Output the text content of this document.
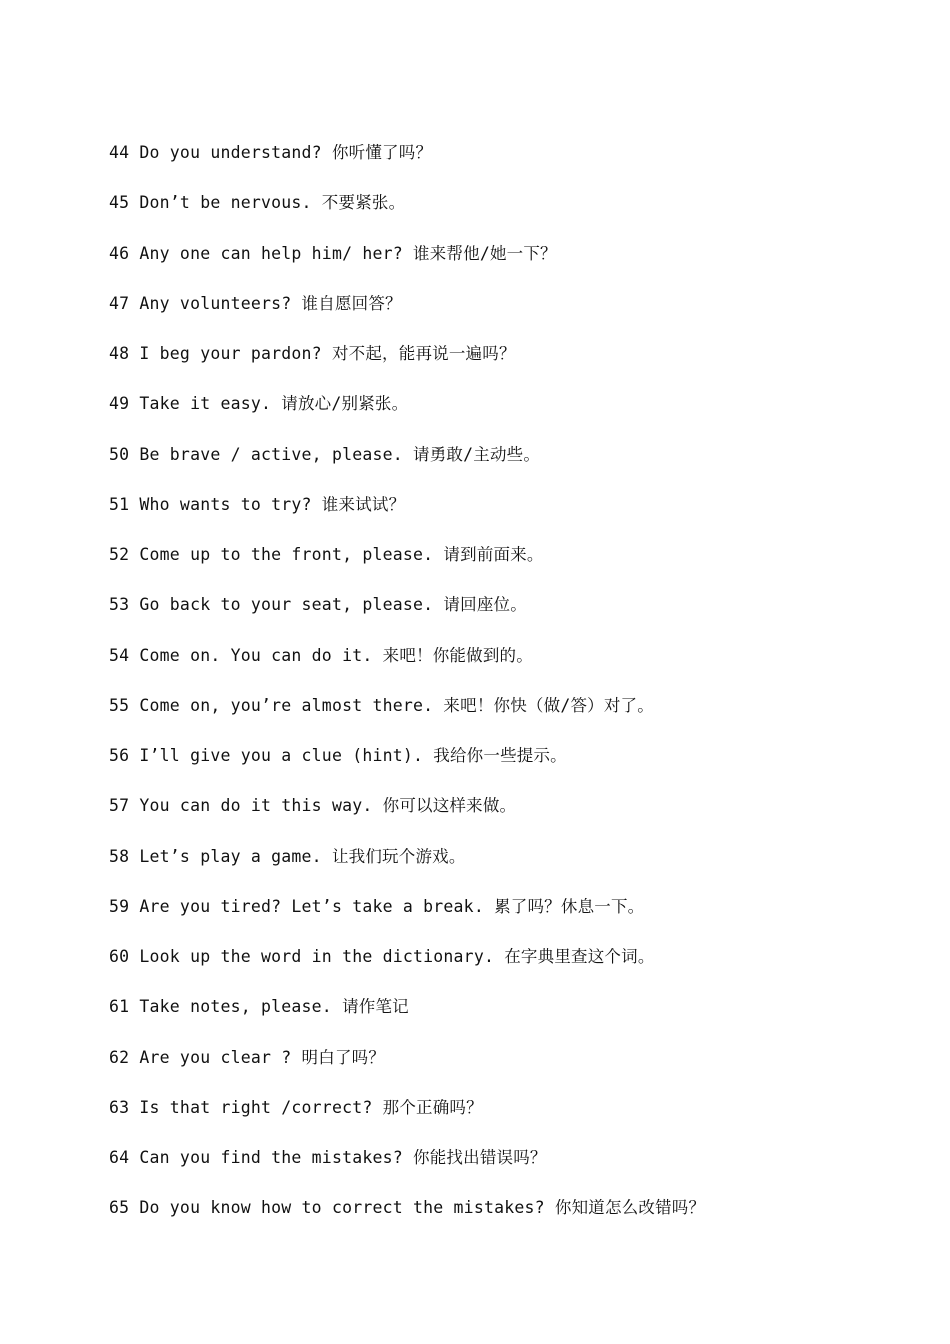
44 Do you understand? 你听懂了吗？
45 Don’t be nervous. 不要紧张。
46 Any one can help him/ her? 谁来帮他/她一下？
47 Any volunteers? 谁自愿回答？
48 I beg your pardon? 对不起，能再说一遍吗？
49 Take it easy. 请放心/别紧张。
50 Be brave / active, please. 请勇敢/主动些。
51 Who wants to try? 谁来试试？
52 Come up to the front, please. 请到前面来。
53 Go back to your seat, please. 请回座位。
54 Come on. You can do it. 来吧！你能做到的。
55 Come on, you’re almost there. 来吧！你快（做/答）对了。
56 I’ll give you a clue (hint). 我给你一些提示。
57 You can do it this way. 你可以这样来做。
58 Let’s play a game. 让我们玩个游戏。
59 Are you tired? Let’s take a break. 累了吗？休息一下。
60 Look up the word in the dictionary. 在字典里查这个词。
61 Take notes, please. 请作笔记
62 Are you clear ? 明白了吗？
63 Is that right /correct? 那个正确吗？
64 Can you find the mistakes? 你能找出错误吗？
65 Do you know how to correct the mistakes? 你知道怎么改错吗？
